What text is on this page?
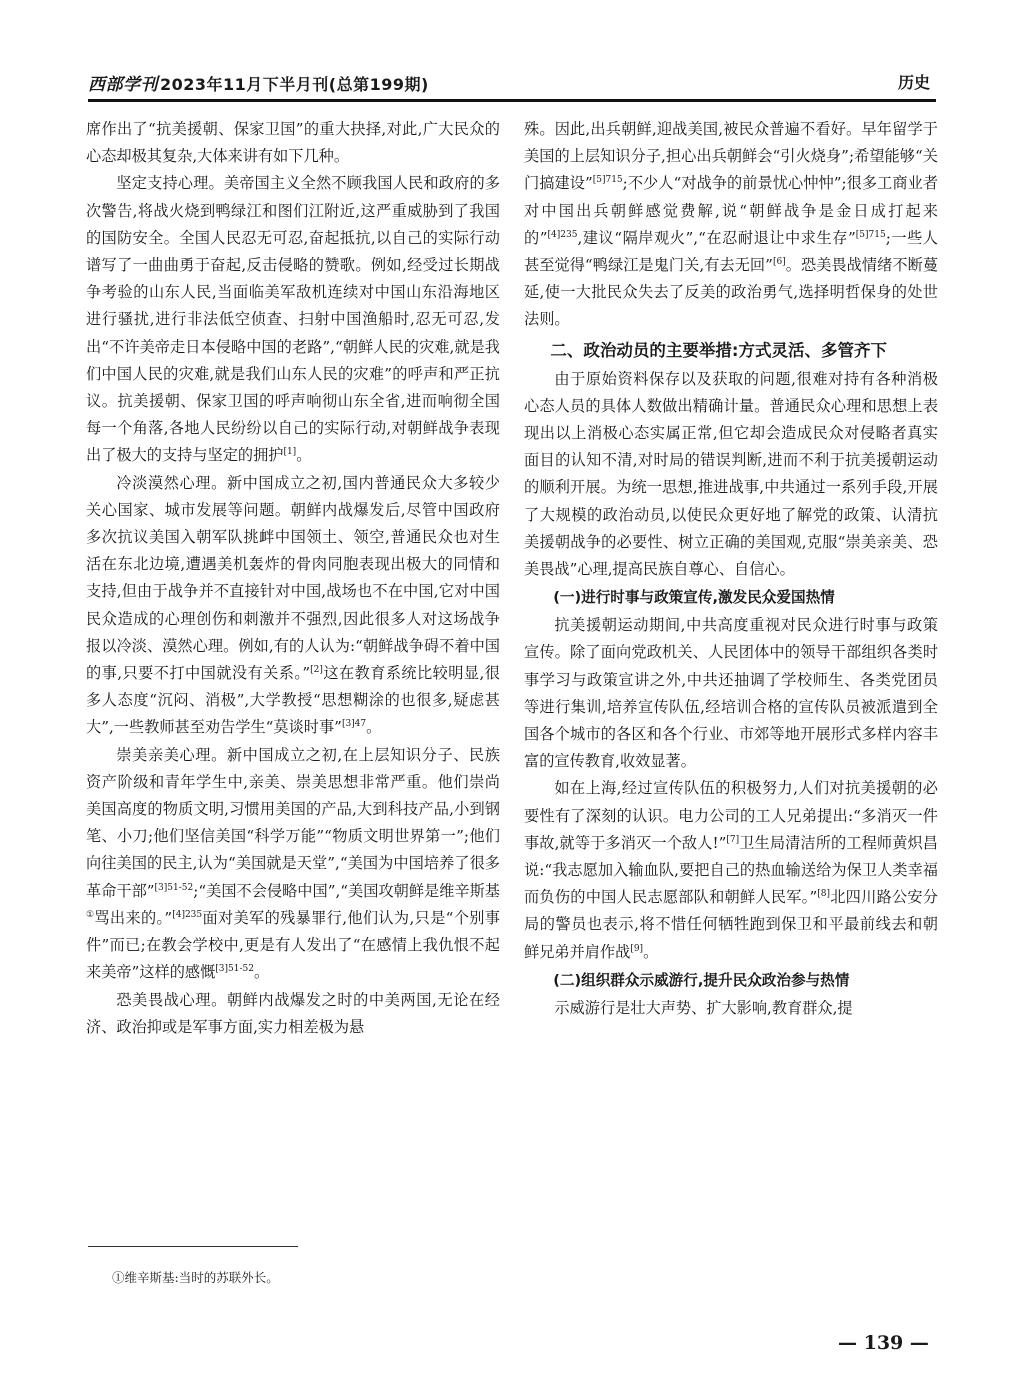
西部学刊 2023年11月下半月刊(总第199期)	历史

席作出了“抗美援朝、保家卫国”的重大抉择,对此,广大民众的心态却极其复杂,大体来讲有如下几种。

坚定支持心理。美帝国主义全然不顾我国人民和政府的多次警告,将战火烧到鸭绿江和图们江附近,这严重威胁到了我国的国防安全。全国人民忍无可忍,奋起抵抗,以自己的实际行动谱写了一曲曲勇于奋起,反击侵略的赞歌。例如,经受过长期战争考验的山东人民,当面临美军敌机连续对中国山东沿海地区进行骚扰,进行非法低空侦查、扫射中国渔船时,忍无可忍,发出“不许美帝走日本侵略中国的老路”,“朝鲜人民的灾难,就是我们中国人民的灾难,就是我们山东人民的灾难”的呼声和严正抗议。抗美援朝、保家卫国的呼声响彻山东全省,进而响彻全国每一个角落,各地人民纷纷以自己的实际行动,对朝鲜战争表现出了极大的支持与坚定的拥护[1]。

冷淡漠然心理。新中国成立之初,国内普通民众大多较少关心国家、城市发展等问题。朝鲜内战爆发后,尽管中国政府多次抗议美国入朝军队挑衅中国领土、领空,普通民众也对生活在东北边境,遭遇美机轰炸的骨肉同胞表现出极大的同情和支持,但由于战争并不直接针对中国,战场也不在中国,它对中国民众造成的心理创伤和刺激并不强烈,因此很多人对这场战争报以冷淡、漠然心理。例如,有的人认为:“朝鲜战争碍不着中国的事,只要不打中国就没有关系。”[2]这在教育系统比较明显,很多人态度“沉闷、消极”,大学教授“思想糊涂的也很多,疑虑甚大”,一些教师甚至劝告学生“莫谈时事”$^{[3]47}$。

崇美亲美心理。新中国成立之初,在上层知识分子、民族资产阶级和青年学生中,亲美、崇美思想非常严重。他们崇尚美国高度的物质文明,习惯用美国的产品,大到科技产品,小到钢笔、小刀;他们坚信美国“科学万能”“物质文明世界第一”;他们向往美国的民主,认为“美国就是天堂”,“美国为中国培养了很多革命干部”$^{[3]51-52}$;“美国不会侵略中国”,“美国攻朝鲜是维辛斯基①骂出来的。”$^{[4]235}$面对美军的残暴罪行,他们认为,只是“个别事件”而已;在教会学校中,更是有人发出了“在感情上我仇恨不起来美帝”这样的感慨$^{[3]51-52}$。

恐美畏战心理。朝鲜内战爆发之时的中美两国,无论在经济、政治抑或是军事方面,实力相差极为悬

殊。因此,出兵朝鲜,迎战美国,被民众普遍不看好。早年留学于美国的上层知识分子,担心出兵朝鲜会“引火烧身”;希望能够“关门搞建设”$^{[5]715}$;不少人“对战争的前景忧心忡忡”;很多工商业者对中国出兵朝鲜感觉费解,说“朝鲜战争是金日成打起来的”$^{[4]235}$,建议“隔岸观火”,“在忍耐退让中求生存”$^{[5]715}$;一些人甚至觉得“鸭绿江是鬼门关,有去无回”[6]。恐美畏战情绪不断蔓延,使一大批民众失去了反美的政治勇气,选择明哲保身的处世法则。

二、政治动员的主要举措:方式灵活、多管齐下

由于原始资料保存以及获取的问题,很难对持有各种消极心态人员的具体人数做出精确计量。普通民众心理和思想上表现出以上消极心态实属正常,但它却会造成民众对侵略者真实面目的认知不清,对时局的错误判断,进而不利于抗美援朝运动的顺利开展。为统一思想,推进战事,中共通过一系列手段,开展了大规模的政治动员,以使民众更好地了解党的政策、认清抗美援朝战争的必要性、树立正确的美国观,克服“崇美亲美、恐美畏战”心理,提高民族自尊心、自信心。

(一)进行时事与政策宣传,激发民众爱国热情

抗美援朝运动期间,中共高度重视对民众进行时事与政策宣传。除了面向党政机关、人民团体中的领导干部组织各类时事学习与政策宣讲之外,中共还抽调了学校师生、各类党团员等进行集训,培养宣传队伍,经培训合格的宣传队员被派遣到全国各个城市的各区和各个行业、市郊等地开展形式多样内容丰富的宣传教育,收效显著。

如在上海,经过宣传队伍的积极努力,人们对抗美援朝的必要性有了深刻的认识。电力公司的工人兄弟提出:“多消灭一件事故,就等于多消灭一个敌人!”[7]卫生局清洁所的工程师黄炽昌说:“我志愿加入输血队,要把自己的热血输送给为保卫人类幸福而负伤的中国人民志愿部队和朝鲜人民军。”[8]北四川路公安分局的警员也表示,将不惜任何牺牲跑到保卫和平最前线去和朝鲜兄弟并肩作战[9]。

(二)组织群众示威游行,提升民众政治参与热情

示威游行是壮大声势、扩大影响,教育群众,提

①维辛斯基:当时的苏联外长。
— 139 —
